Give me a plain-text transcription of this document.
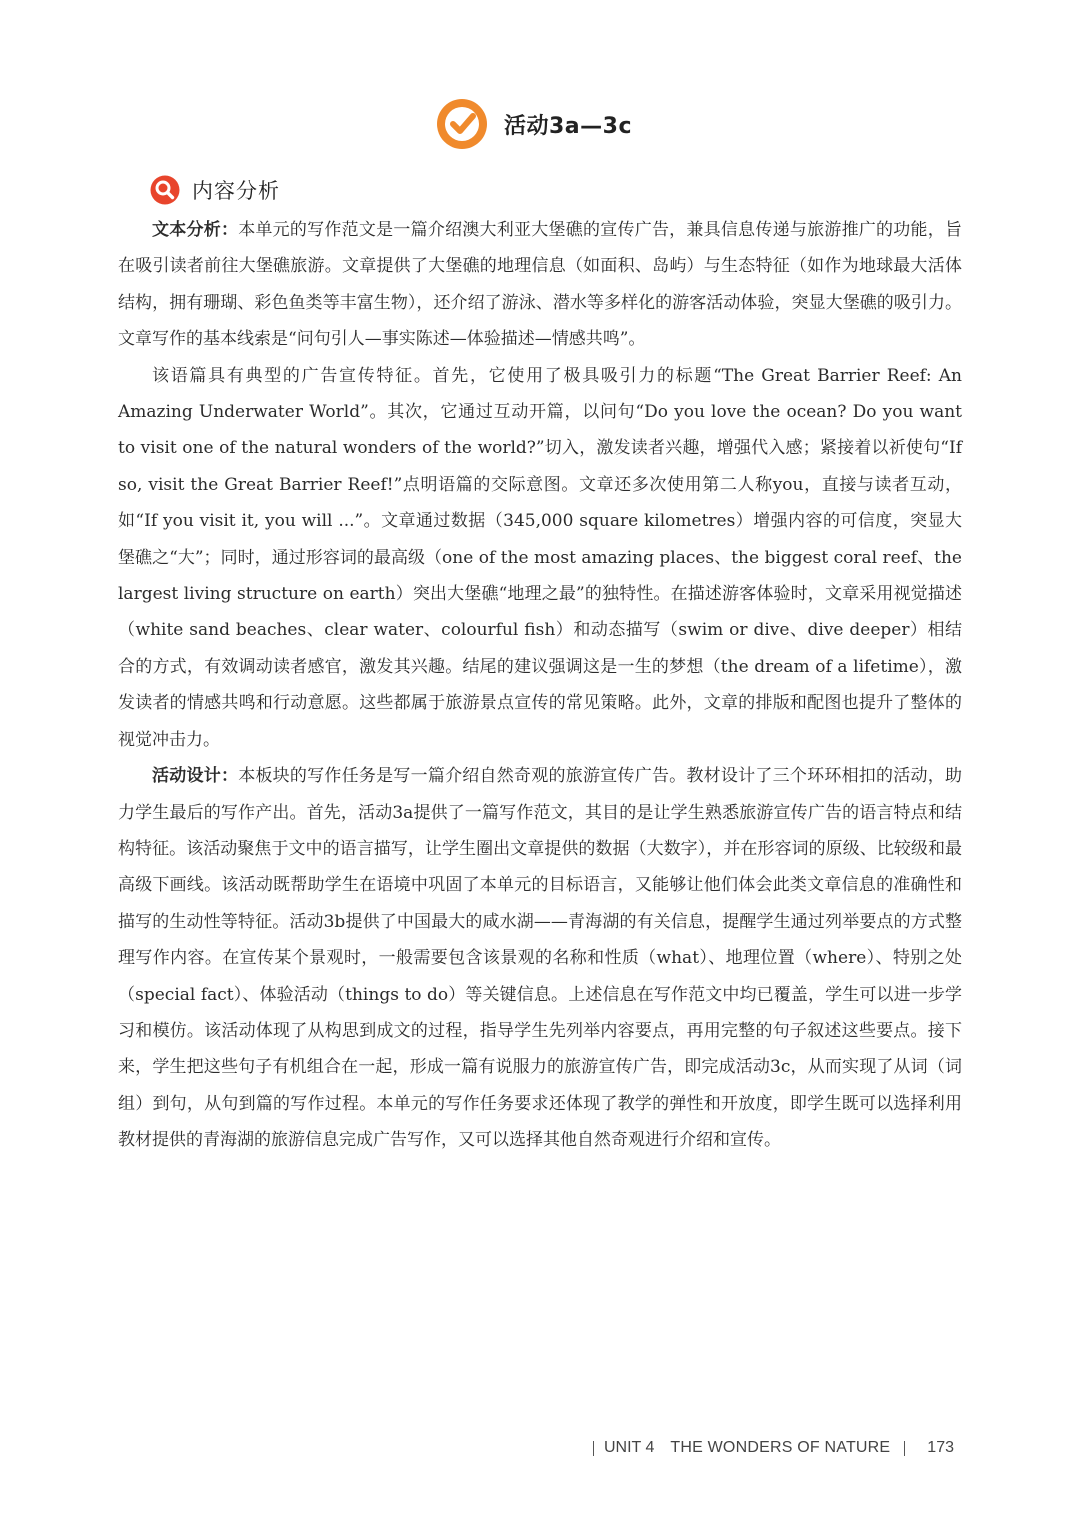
活动3a—3c
内容分析

文本分析：本单元的写作范文是一篇介绍澳大利亚大堡礁的宣传广告，兼具信息传递与旅游推广的功能，旨在吸引读者前往大堡礁旅游。文章提供了大堡礁的地理信息（如面积、岛屿）与生态特征（如作为地球最大活体结构，拥有珊瑚、彩色鱼类等丰富生物），还介绍了游泳、潜水等多样化的游客活动体验，突显大堡礁的吸引力。文章写作的基本线索是“问句引人—事实陈述—体验描述—情感共鸣”。

该语篇具有典型的广告宣传特征。首先，它使用了极具吸引力的标题“The Great Barrier Reef: An Amazing Underwater World”。其次，它通过互动开篇，以问句“Do you love the ocean? Do you want to visit one of the natural wonders of the world?”切入，激发读者兴趣，增强代入感；紧接着以祈使句“If so, visit the Great Barrier Reef!”点明语篇的交际意图。文章还多次使用第二人称you，直接与读者互动，如“If you visit it, you will ...”。文章通过数据（345,000 square kilometres）增强内容的可信度，突显大堡礁之“大”；同时，通过形容词的最高级（one of the most amazing places、the biggest coral reef、the largest living structure on earth）突出大堡礁“地理之最”的独特性。在描述游客体验时，文章采用视觉描述（white sand beaches、clear water、colourful fish）和动态描写（swim or dive、dive deeper）相结合的方式，有效调动读者感官，激发其兴趣。结尾的建议强调这是一生的梦想（the dream of a lifetime），激发读者的情感共鸣和行动意愿。这些都属于旅游景点宣传的常见策略。此外，文章的排版和配图也提升了整体的视觉冲击力。

活动设计：本板块的写作任务是写一篇介绍自然奇观的旅游宣传广告。教材设计了三个环环相扣的活动，助力学生最后的写作产出。首先，活动3a提供了一篇写作范文，其目的是让学生熟悉旅游宣传广告的语言特点和结构特征。该活动聚焦于文中的语言描写，让学生圈出文章提供的数据（大数字），并在形容词的原级、比较级和最高级下画线。该活动既帮助学生在语境中巩固了本单元的目标语言，又能够让他们体会此类文章信息的准确性和描写的生动性等特征。活动3b提供了中国最大的咸水湖——青海湖的有关信息，提醒学生通过列举要点的方式整理写作内容。在宣传某个景观时，一般需要包含该景观的名称和性质（what）、地理位置（where）、特别之处（special fact）、体验活动（things to do）等关键信息。上述信息在写作范文中均已覆盖，学生可以进一步学习和模仿。该活动体现了从构思到成文的过程，指导学生先列举内容要点，再用完整的句子叙述这些要点。接下来，学生把这些句子有机组合在一起，形成一篇有说服力的旅游宣传广告，即完成活动3c，从而实现了从词（词组）到句，从句到篇的写作过程。本单元的写作任务要求还体现了教学的弹性和开放度，即学生既可以选择利用教材提供的青海湖的旅游信息完成广告写作，又可以选择其他自然奇观进行介绍和宣传。

UNIT 4 THE WONDERS OF NATURE 173
